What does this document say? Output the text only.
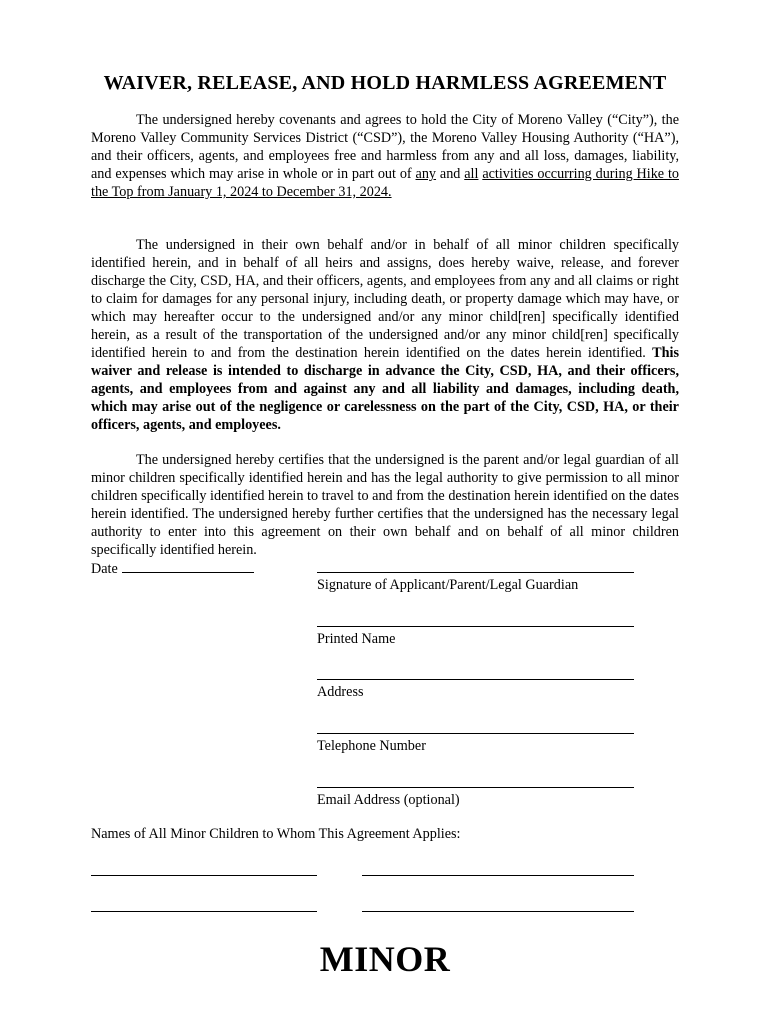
WAIVER, RELEASE, AND HOLD HARMLESS AGREEMENT

The undersigned hereby covenants and agrees to hold the City of Moreno Valley (“City”), the Moreno Valley Community Services District (“CSD”), the Moreno Valley Housing Authority (“HA”), and their officers, agents, and employees free and harmless from any and all loss, damages, liability, and expenses which may arise in whole or in part out of any and all activities occurring during Hike to the Top from January 1, 2024 to December 31, 2024.

The undersigned in their own behalf and/or in behalf of all minor children specifically identified herein, and in behalf of all heirs and assigns, does hereby waive, release, and forever discharge the City, CSD, HA, and their officers, agents, and employees from any and all claims or right to claim for damages for any personal injury, including death, or property damage which may have, or which may hereafter occur to the undersigned and/or any minor child[ren] specifically identified herein, as a result of the transportation of the undersigned and/or any minor child[ren] specifically identified herein to and from the destination herein identified on the dates herein identified. This waiver and release is intended to discharge in advance the City, CSD, HA, and their officers, agents, and employees from and against any and all liability and damages, including death, which may arise out of the negligence or carelessness on the part of the City, CSD, HA, or their officers, agents, and employees.

The undersigned hereby certifies that the undersigned is the parent and/or legal guardian of all minor children specifically identified herein and has the legal authority to give permission to all minor children specifically identified herein to travel to and from the destination herein identified on the dates herein identified. The undersigned hereby further certifies that the undersigned has the necessary legal authority to enter into this agreement on their own behalf and on behalf of all minor children specifically identified herein.

Date
Signature of Applicant/Parent/Legal Guardian
Printed Name
Address
Telephone Number
Email Address (optional)
Names of All Minor Children to Whom This Agreement Applies:
MINOR
